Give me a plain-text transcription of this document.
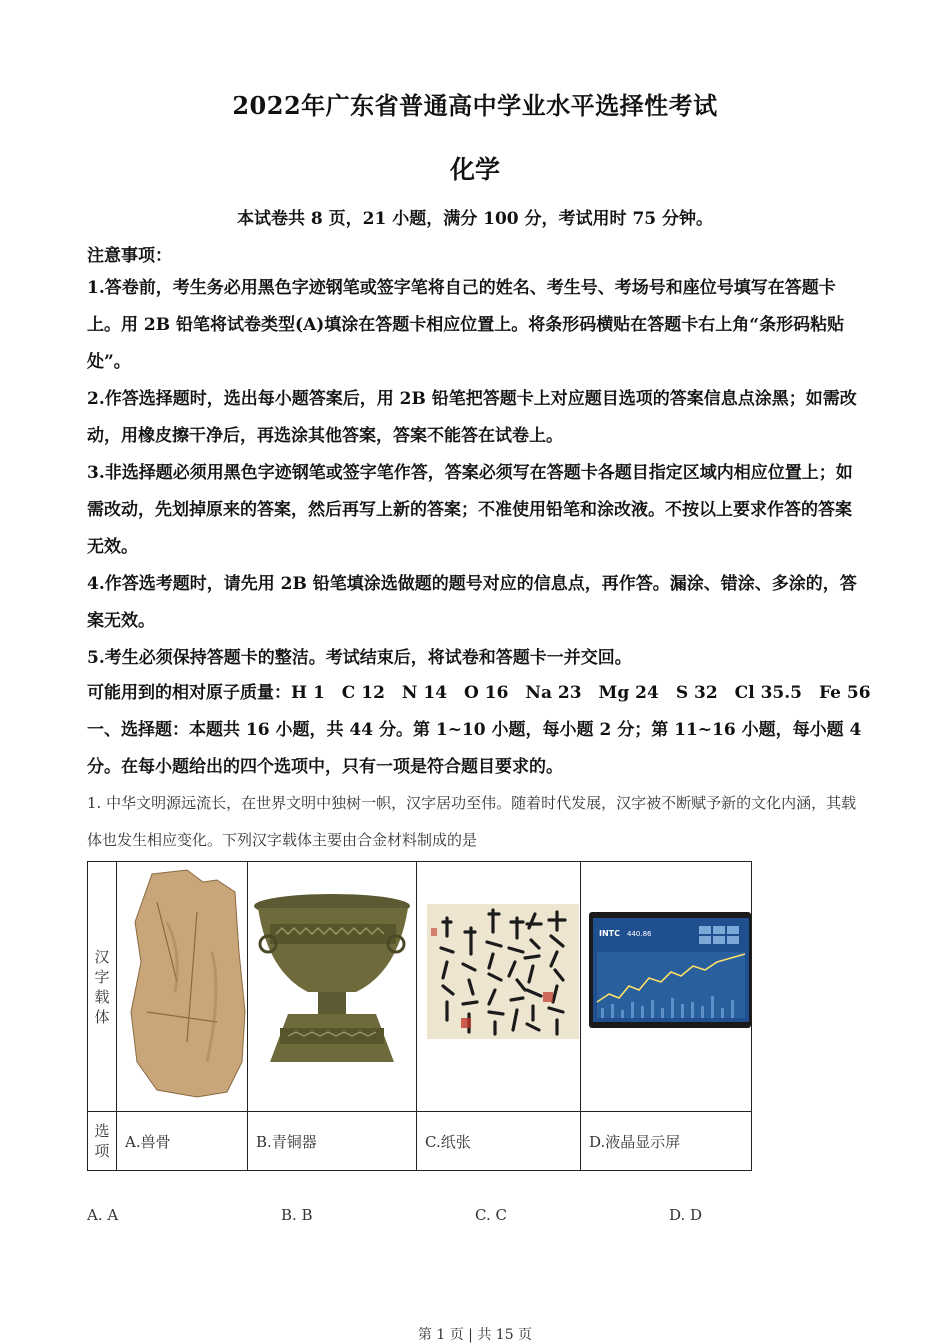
2022年广东省普通高中学业水平选择性考试
化学
本试卷共 8 页，21 小题，满分 100 分，考试用时 75 分钟。

注意事项：

1.答卷前，考生务必用黑色字迹钢笔或签字笔将自己的姓名、考生号、考场号和座位号填写在答题卡上。用 2B 铅笔将试卷类型(A)填涂在答题卡相应位置上。将条形码横贴在答题卡右上角“条形码粘贴处”。

2.作答选择题时，选出每小题答案后，用 2B 铅笔把答题卡上对应题目选项的答案信息点涂黑；如需改动，用橡皮擦干净后，再选涂其他答案，答案不能答在试卷上。

3.非选择题必须用黑色字迹钢笔或签字笔作答，答案必须写在答题卡各题目指定区域内相应位置上；如需改动，先划掉原来的答案，然后再写上新的答案；不准使用铅笔和涂改液。不按以上要求作答的答案无效。

4.作答选考题时，请先用 2B 铅笔填涂选做题的题号对应的信息点，再作答。漏涂、错涂、多涂的，答案无效。

5.考生必须保持答题卡的整洁。考试结束后，将试卷和答题卡一并交回。

可能用到的相对原子质量：H 1　C 12　N 14　O 16　Na 23　Mg 24　S 32　Cl 35.5　Fe 56

一、选择题：本题共 16 小题，共 44 分。第 1~10 小题，每小题 2 分；第 11~16 小题，每小题 4 分。在每小题给出的四个选项中，只有一项是符合题目要求的。

1. 中华文明源远流长，在世界文明中独树一帜，汉字居功至伟。随着时代发展，汉字被不断赋予新的文化内涵，其载体也发生相应变化。下列汉字载体主要由合金材料制成的是

汉字载体				INTC 440.86

选项	A.兽骨	B.青铜器	C.纸张	D.液晶显示屏
A. A	B. B	C. C	D. D
第 1 页 | 共 15 页
